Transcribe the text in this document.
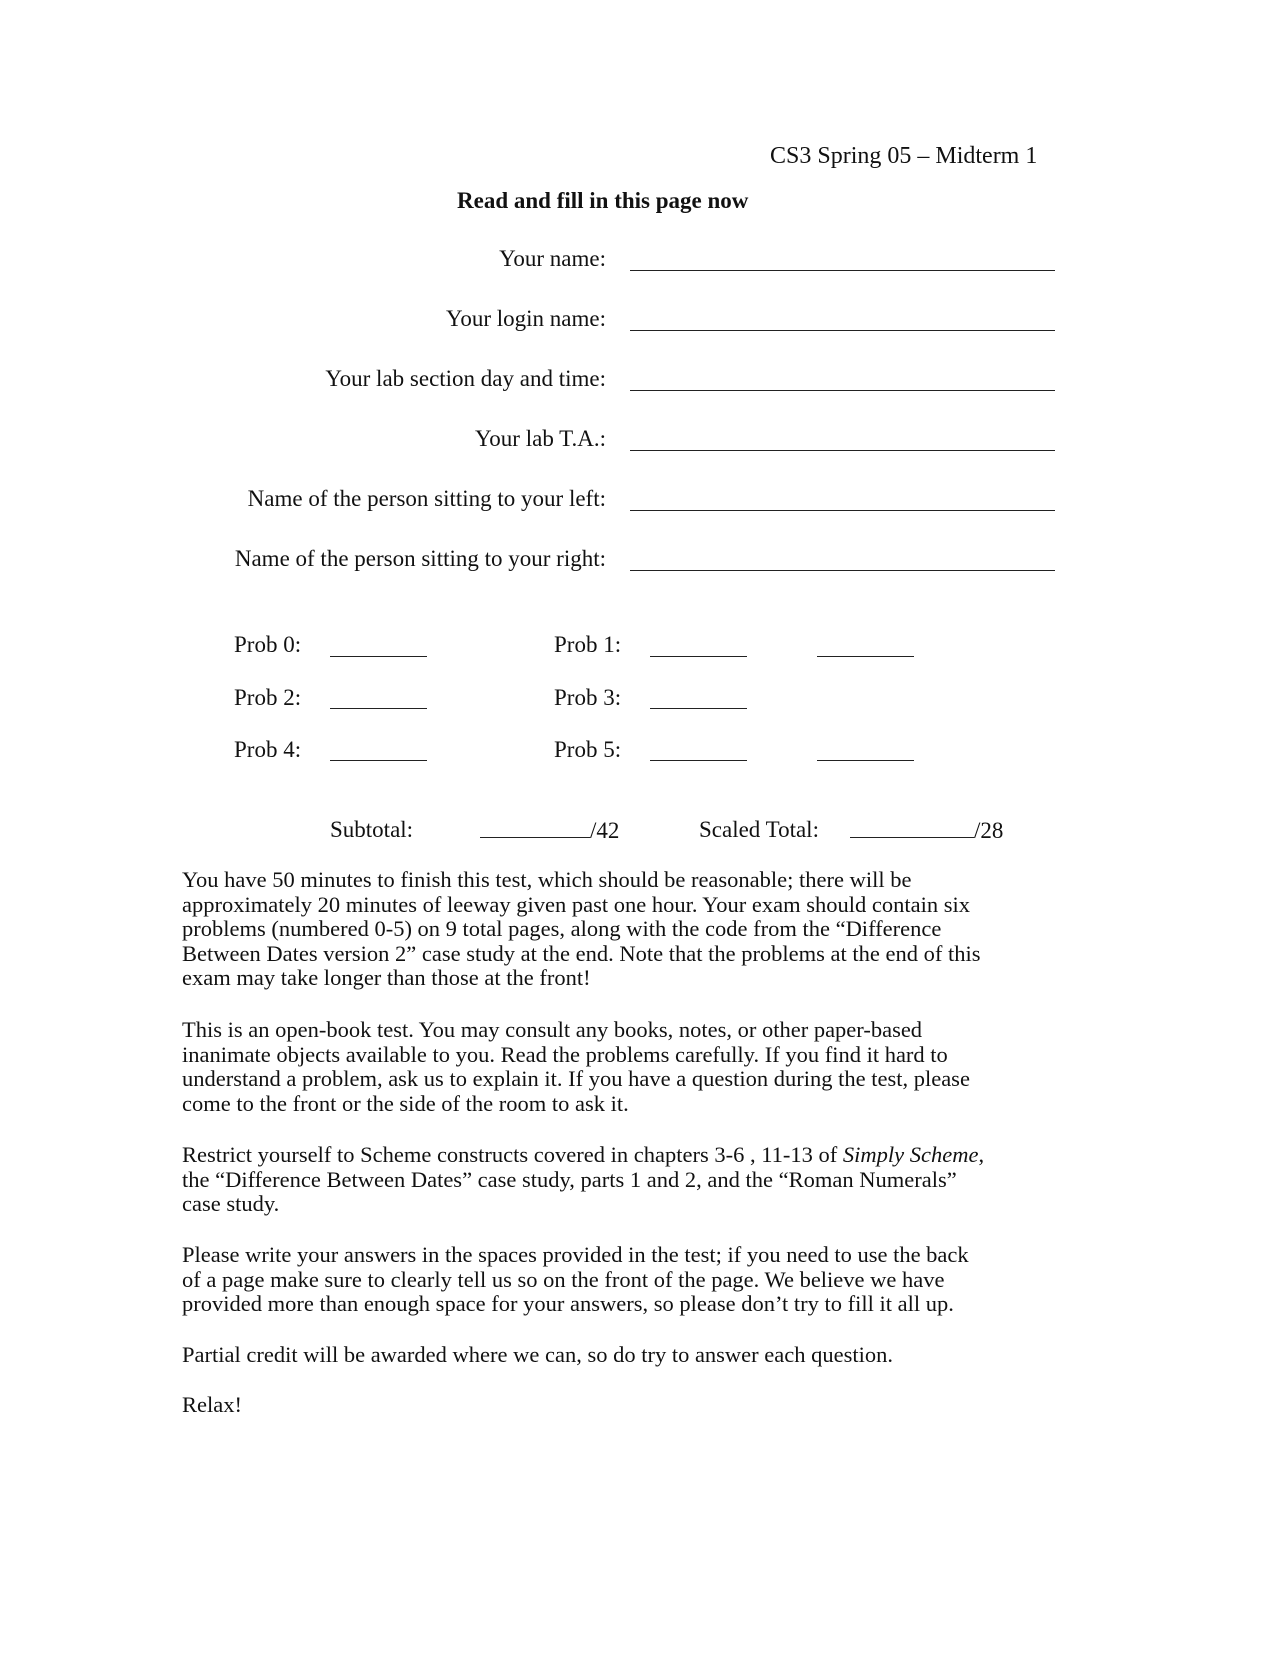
CS3 Spring 05 – Midterm 1
Read and fill in this page now
Your name:
Your login name:
Your lab section day and time:
Your lab T.A.:
Name of the person sitting to your left:
Name of the person sitting to your right:
Prob 0:	Prob 1:
Prob 2:	Prob 3:
Prob 4:	Prob 5:
Subtotal:	/42	Scaled Total:	/28

You have 50 minutes to finish this test, which should be reasonable; there will be
approximately 20 minutes of leeway given past one hour. Your exam should contain six
problems (numbered 0-5) on 9 total pages, along with the code from the “Difference
Between Dates version 2” case study at the end. Note that the problems at the end of this
exam may take longer than those at the front!

This is an open-book test. You may consult any books, notes, or other paper-based
inanimate objects available to you. Read the problems carefully. If you find it hard to
understand a problem, ask us to explain it. If you have a question during the test, please
come to the front or the side of the room to ask it.

Restrict yourself to Scheme constructs covered in chapters 3-6 , 11-13 of Simply Scheme,
the “Difference Between Dates” case study, parts 1 and 2, and the “Roman Numerals”
case study.

Please write your answers in the spaces provided in the test; if you need to use the back
of a page make sure to clearly tell us so on the front of the page. We believe we have
provided more than enough space for your answers, so please don’t try to fill it all up.

Partial credit will be awarded where we can, so do try to answer each question.

Relax!
